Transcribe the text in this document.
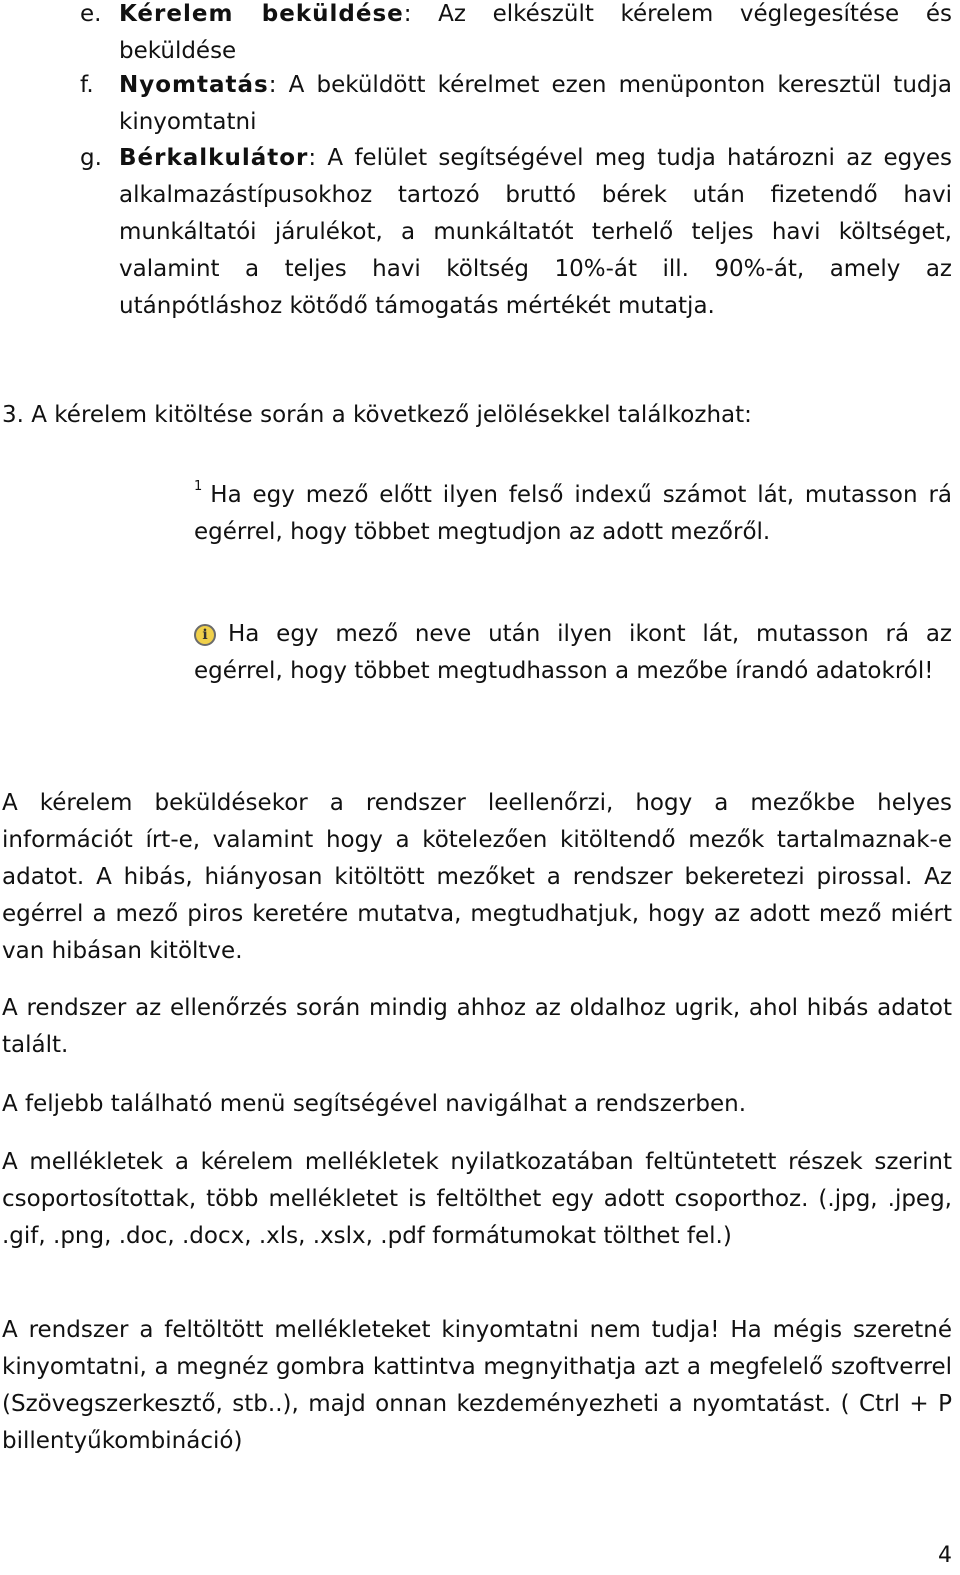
e. Kérelem beküldése: Az elkészült kérelem véglegesítése és beküldése
f. Nyomtatás: A beküldött kérelmet ezen menüponton keresztül tudja kinyomtatni
g. Bérkalkulátor: A felület segítségével meg tudja határozni az egyes alkalmazástípusokhoz tartozó bruttó bérek után fizetendő havi munkáltatói járulékot, a munkáltatót terhelő teljes havi költséget, valamint a teljes havi költség 10%-át ill. 90%-át, amely az utánpótláshoz kötődő támogatás mértékét mutatja.
3. A kérelem kitöltése során a következő jelölésekkel találkozhat:
$^1$ Ha egy mező előtt ilyen felső indexű számot lát, mutasson rá egérrel, hogy többet megtudjon az adott mezőről.
i Ha egy mező neve után ilyen ikont lát, mutasson rá az egérrel, hogy többet megtudhasson a mezőbe írandó adatokról!
A kérelem beküldésekor a rendszer leellenőrzi, hogy a mezőkbe helyes információt írt-e, valamint hogy a kötelezően kitöltendő mezők tartalmaznak-e adatot. A hibás, hiányosan kitöltött mezőket a rendszer bekeretezi pirossal. Az egérrel a mező piros keretére mutatva, megtudhatjuk, hogy az adott mező miért van hibásan kitöltve.
A rendszer az ellenőrzés során mindig ahhoz az oldalhoz ugrik, ahol hibás adatot talált.
A feljebb található menü segítségével navigálhat a rendszerben.
A mellékletek a kérelem mellékletek nyilatkozatában feltüntetett részek szerint csoportosítottak, több mellékletet is feltölthet egy adott csoporthoz. (.jpg, .jpeg, .gif, .png, .doc, .docx, .xls, .xslx, .pdf formátumokat tölthet fel.)
A rendszer a feltöltött mellékleteket kinyomtatni nem tudja! Ha mégis szeretné kinyomtatni, a megnéz gombra kattintva megnyithatja azt a megfelelő szoftverrel (Szövegszerkesztő, stb..), majd onnan kezdeményezheti a nyomtatást. ( Ctrl + P billentyűkombináció)
4
